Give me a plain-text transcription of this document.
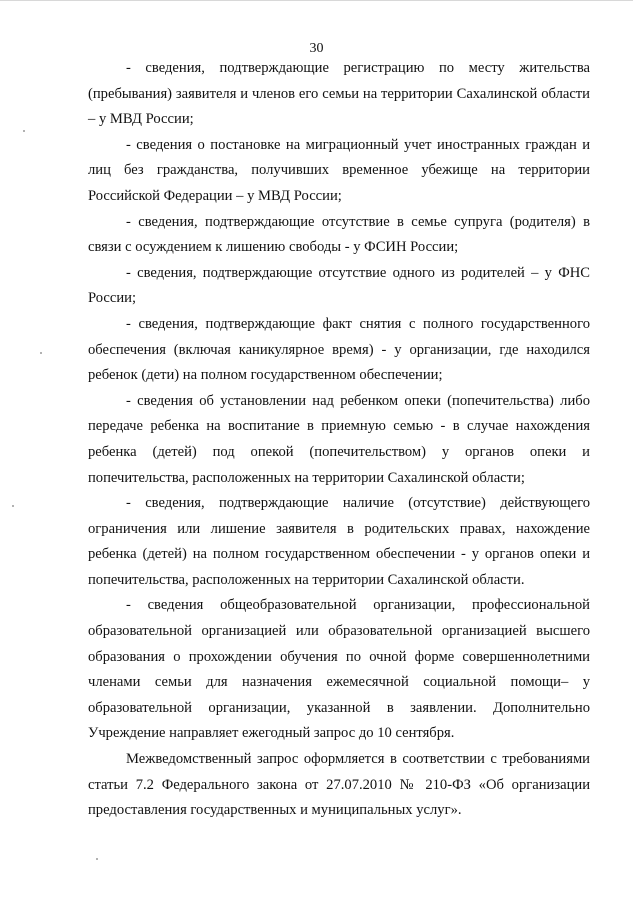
30

- сведения, подтверждающие регистрацию по месту жительства (пребывания) заявителя и членов его семьи на территории Сахалинской области – у МВД России;

- сведения о постановке на миграционный учет иностранных граждан и лиц без гражданства, получивших временное убежище на территории Российской Федерации – у МВД России;

- сведения, подтверждающие отсутствие в семье супруга (родителя) в связи с осуждением к лишению свободы - у ФСИН России;

- сведения, подтверждающие отсутствие одного из родителей – у ФНС России;

- сведения, подтверждающие факт снятия с полного государственного обеспечения (включая каникулярное время) - у организации, где находился ребенок (дети) на полном государственном обеспечении;

- сведения об установлении над ребенком опеки (попечительства) либо передаче ребенка на воспитание в приемную семью - в случае нахождения ребенка (детей) под опекой (попечительством) у органов опеки и попечительства, расположенных на территории Сахалинской области;

- сведения, подтверждающие наличие (отсутствие) действующего ограничения или лишение заявителя в родительских правах, нахождение ребенка (детей) на полном государственном обеспечении - у органов опеки и попечительства, расположенных на территории Сахалинской области.

- сведения общеобразовательной организации, профессиональной образовательной организацией или образовательной организацией высшего образования о прохождении обучения по очной форме совершеннолетними членами семьи для назначения ежемесячной социальной помощи– у образовательной организации, указанной в заявлении. Дополнительно Учреждение направляет ежегодный запрос до 10 сентября.

Межведомственный запрос оформляется в соответствии с требованиями статьи 7.2 Федерального закона от 27.07.2010 № 210-ФЗ «Об организации предоставления государственных и муниципальных услуг».
